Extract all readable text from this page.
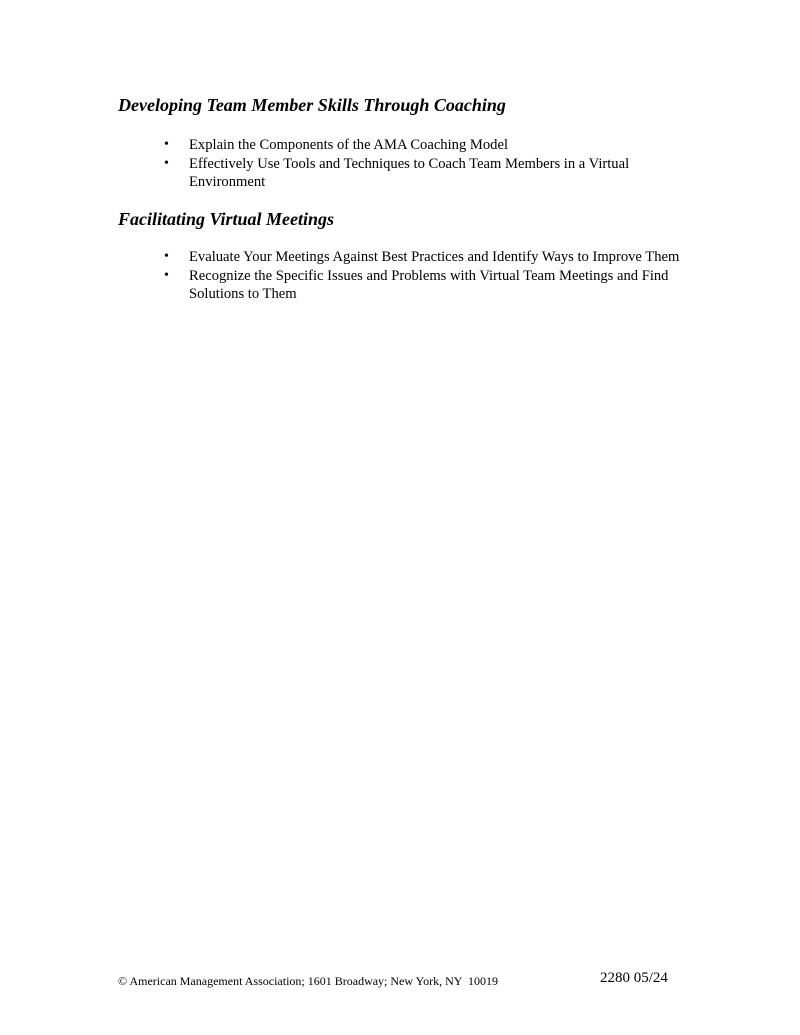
Developing Team Member Skills Through Coaching
• Explain the Components of the AMA Coaching Model
• Effectively Use Tools and Techniques to Coach Team Members in a Virtual Environment
Facilitating Virtual Meetings
• Evaluate Your Meetings Against Best Practices and Identify Ways to Improve Them
• Recognize the Specific Issues and Problems with Virtual Team Meetings and Find Solutions to Them
© American Management Association; 1601 Broadway; New York, NY  10019	2280 05/24
